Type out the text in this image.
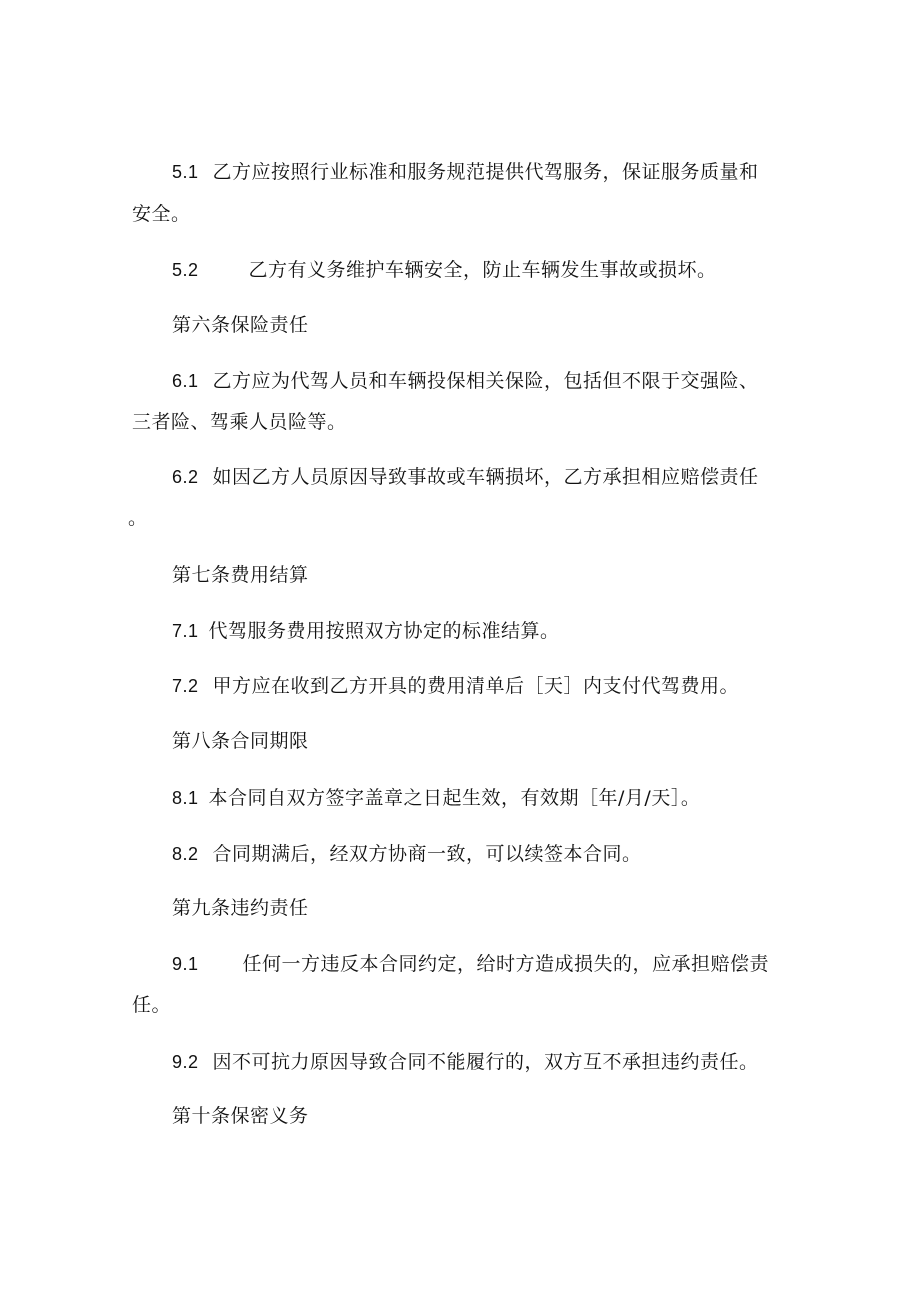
5.1 乙方应按照行业标准和服务规范提供代驾服务，保证服务质量和
安全。
5.2	乙方有义务维护车辆安全，防止车辆发生事故或损坏。
第六条保险责任
6.1 乙方应为代驾人员和车辆投保相关保险，包括但不限于交强险、
三者险、驾乘人员险等。
6.2 如因乙方人员原因导致事故或车辆损坏，乙方承担相应赔偿责任
。
第七条费用结算
7.1 代驾服务费用按照双方协定的标准结算。
7.2 甲方应在收到乙方开具的费用清单后［天］内支付代驾费用。
第八条合同期限
8.1 本合同自双方签字盖章之日起生效，有效期［年/月/天］。
8.2 合同期满后，经双方协商一致，可以续签本合同。
第九条违约责任
9.1 任何一方违反本合同约定，给时方造成损失的，应承担赔偿责
任。
9.2 因不可抗力原因导致合同不能履行的，双方互不承担违约责任。
第十条保密义务
